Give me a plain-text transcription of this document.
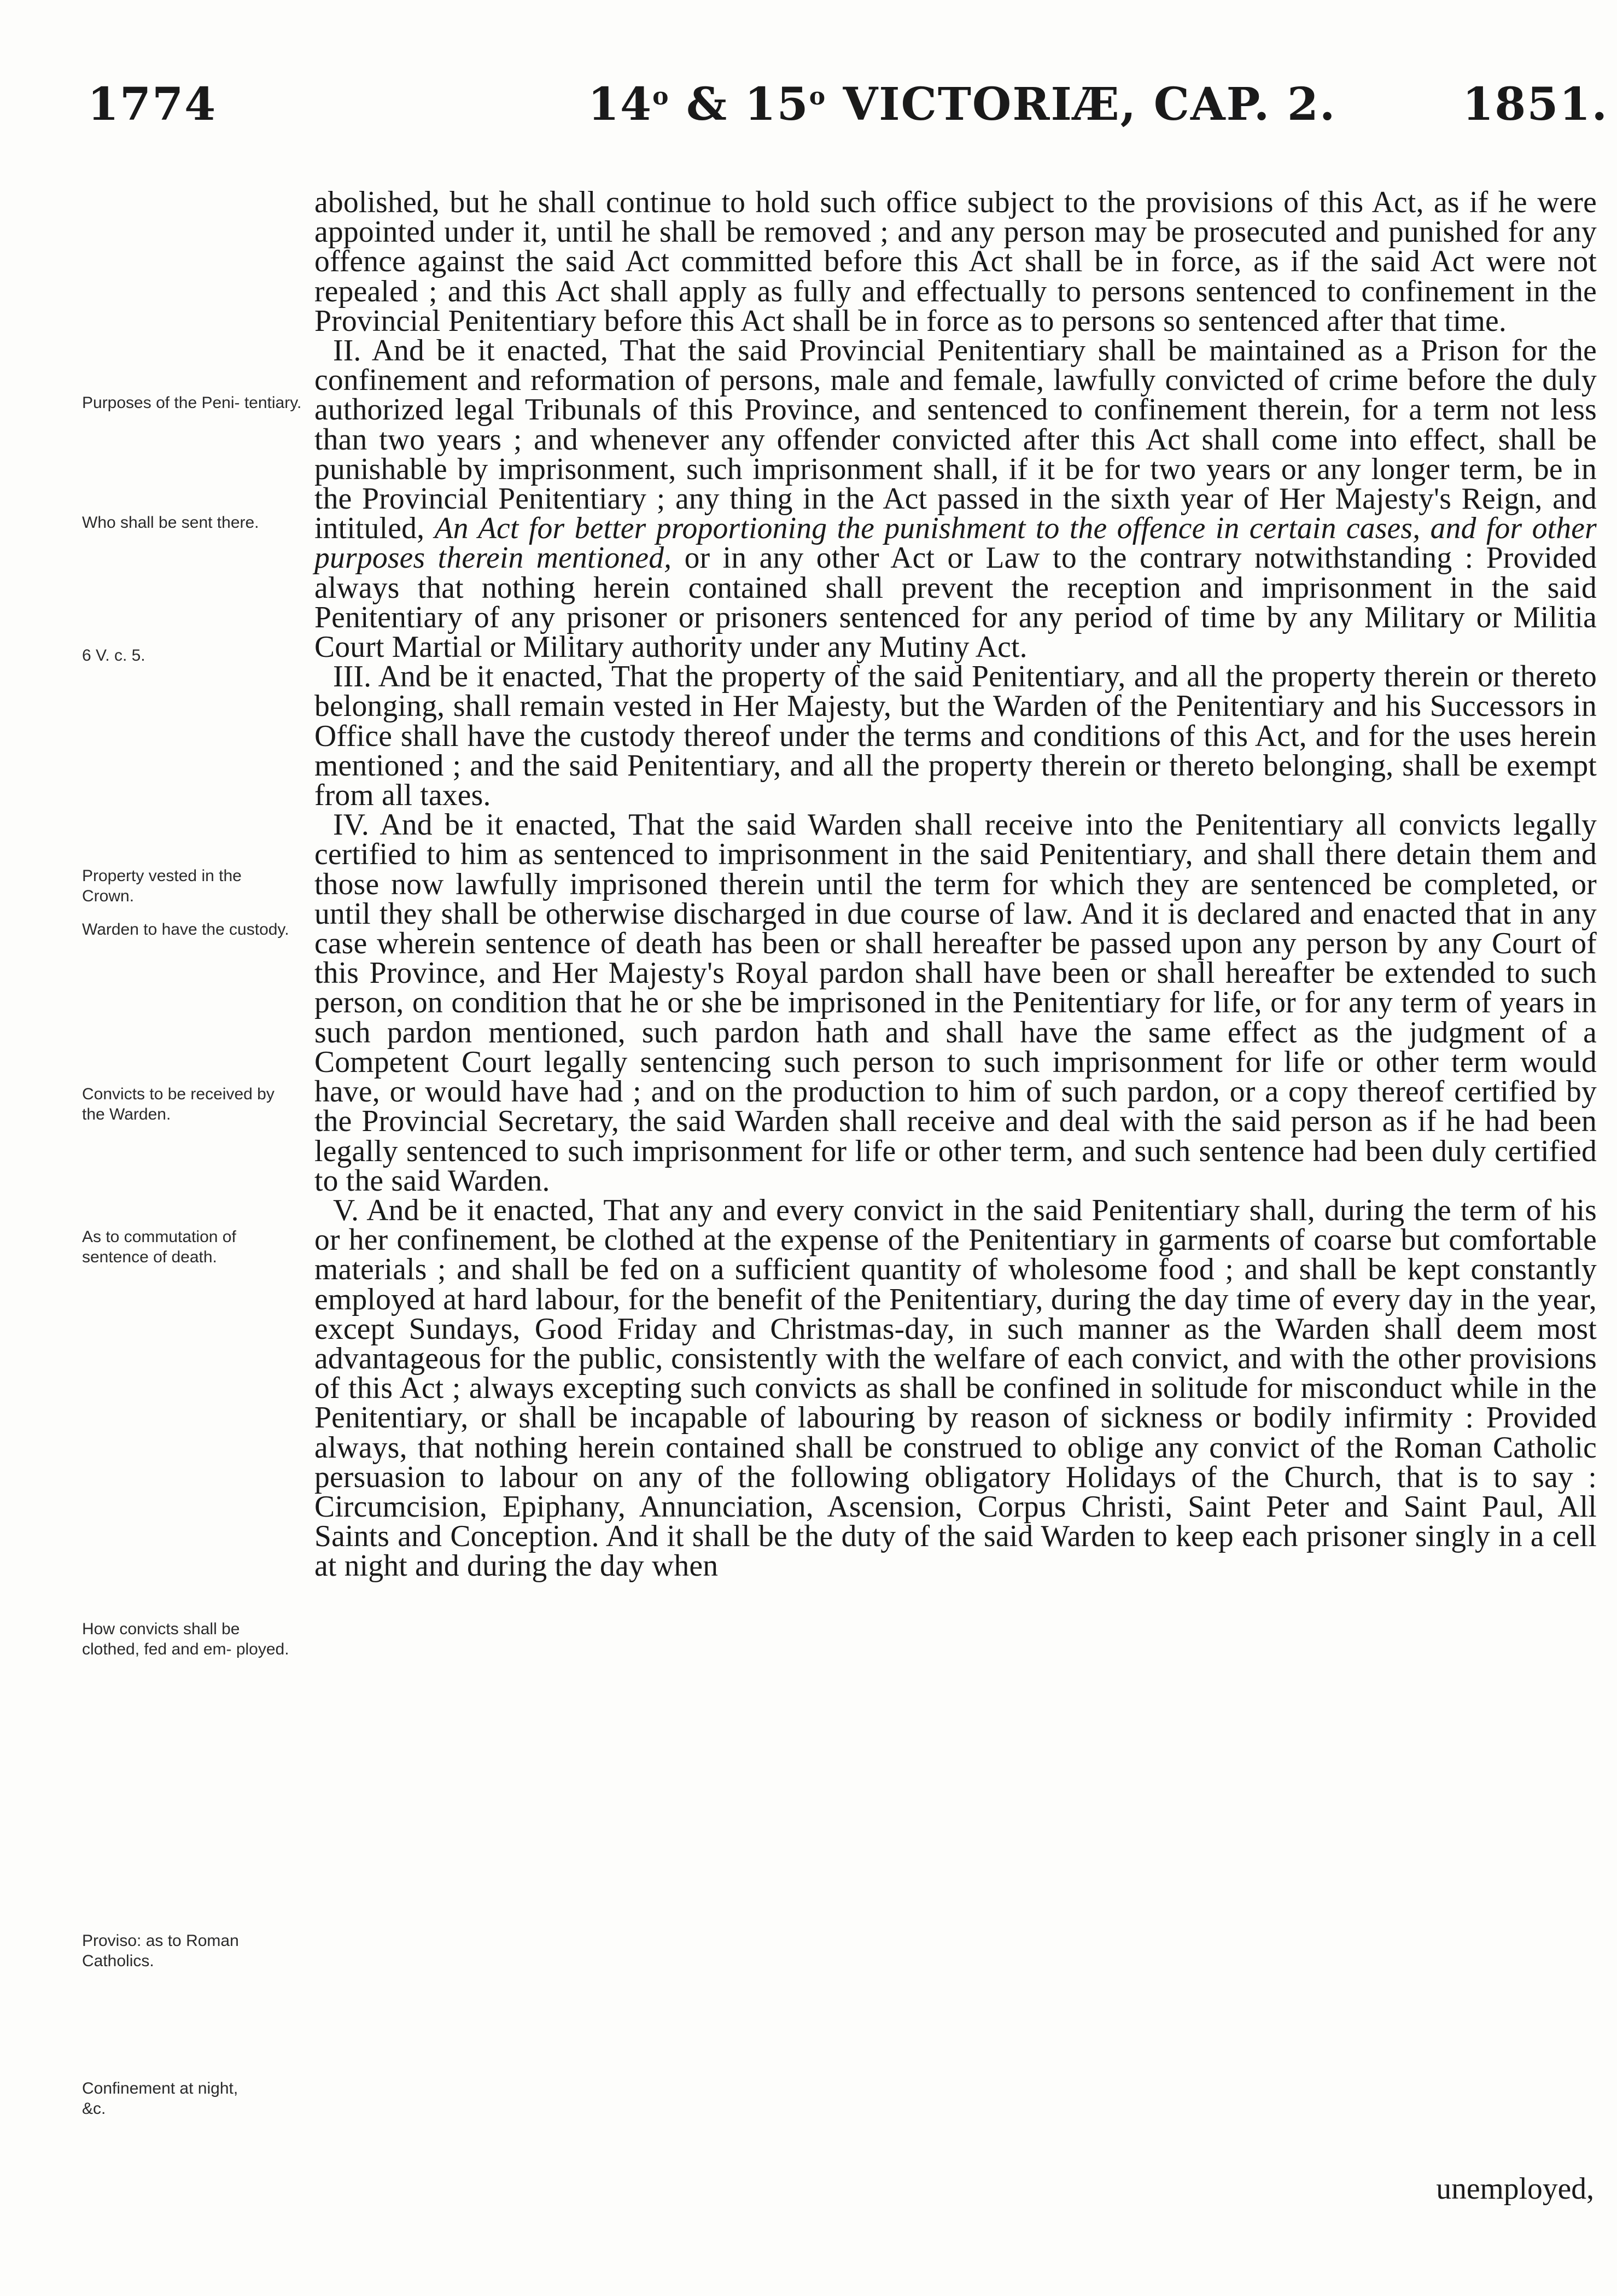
1774	14$^o$ & 15$^o$ VICTORIÆ, CAP. 2.	1851.
Purposes of the Peni- tentiary.
Who shall be sent there.
6 V. c. 5.
Property vested in the Crown.
Warden to have the custody.
Convicts to be received by the Warden.
As to commutation of sentence of death.
How convicts shall be clothed, fed and em- ployed.
Proviso: as to Roman Catholics.
Confinement at night, &c.

abolished, but he shall continue to hold such office subject to the provisions of this Act, as if he were appointed under it, until he shall be removed ; and any person may be prosecuted and punished for any offence against the said Act committed before this Act shall be in force, as if the said Act were not repealed ; and this Act shall apply as fully and effectually to persons sentenced to confinement in the Provincial Penitentiary before this Act shall be in force as to persons so sentenced after that time.

II. And be it enacted, That the said Provincial Penitentiary shall be maintained as a Prison for the confinement and reformation of persons, male and female, lawfully convicted of crime before the duly authorized legal Tribunals of this Province, and sentenced to confinement therein, for a term not less than two years ; and whenever any offender convicted after this Act shall come into effect, shall be punishable by imprisonment, such imprisonment shall, if it be for two years or any longer term, be in the Provincial Penitentiary ; any thing in the Act passed in the sixth year of Her Majesty's Reign, and intituled, An Act for better proportioning the punishment to the offence in certain cases, and for other purposes therein mentioned, or in any other Act or Law to the contrary notwithstanding : Provided always that nothing herein contained shall prevent the reception and imprisonment in the said Penitentiary of any prisoner or prisoners sentenced for any period of time by any Military or Militia Court Martial or Military authority under any Mutiny Act.

III. And be it enacted, That the property of the said Penitentiary, and all the property therein or thereto belonging, shall remain vested in Her Majesty, but the Warden of the Penitentiary and his Successors in Office shall have the custody thereof under the terms and conditions of this Act, and for the uses herein mentioned ; and the said Penitentiary, and all the property therein or thereto belonging, shall be exempt from all taxes.

IV. And be it enacted, That the said Warden shall receive into the Penitentiary all convicts legally certified to him as sentenced to imprisonment in the said Penitentiary, and shall there detain them and those now lawfully imprisoned therein until the term for which they are sentenced be completed, or until they shall be otherwise discharged in due course of law. And it is declared and enacted that in any case wherein sentence of death has been or shall hereafter be passed upon any person by any Court of this Province, and Her Majesty's Royal pardon shall have been or shall hereafter be extended to such person, on condition that he or she be imprisoned in the Penitentiary for life, or for any term of years in such pardon mentioned, such pardon hath and shall have the same effect as the judgment of a Competent Court legally sentencing such person to such imprisonment for life or other term would have, or would have had ; and on the production to him of such pardon, or a copy thereof certified by the Provincial Secretary, the said Warden shall receive and deal with the said person as if he had been legally sentenced to such imprisonment for life or other term, and such sentence had been duly certified to the said Warden.

V. And be it enacted, That any and every convict in the said Penitentiary shall, during the term of his or her confinement, be clothed at the expense of the Penitentiary in garments of coarse but comfortable materials ; and shall be fed on a sufficient quantity of wholesome food ; and shall be kept constantly employed at hard labour, for the benefit of the Penitentiary, during the day time of every day in the year, except Sundays, Good Friday and Christmas-day, in such manner as the Warden shall deem most advantageous for the public, consistently with the welfare of each convict, and with the other provisions of this Act ; always excepting such convicts as shall be confined in solitude for misconduct while in the Penitentiary, or shall be incapable of labouring by reason of sickness or bodily infirmity : Provided always, that nothing herein contained shall be construed to oblige any convict of the Roman Catholic persuasion to labour on any of the following obligatory Holidays of the Church, that is to say : Circumcision, Epiphany, Annunciation, Ascension, Corpus Christi, Saint Peter and Saint Paul, All Saints and Conception. And it shall be the duty of the said Warden to keep each prisoner singly in a cell at night and during the day when

unemployed,
